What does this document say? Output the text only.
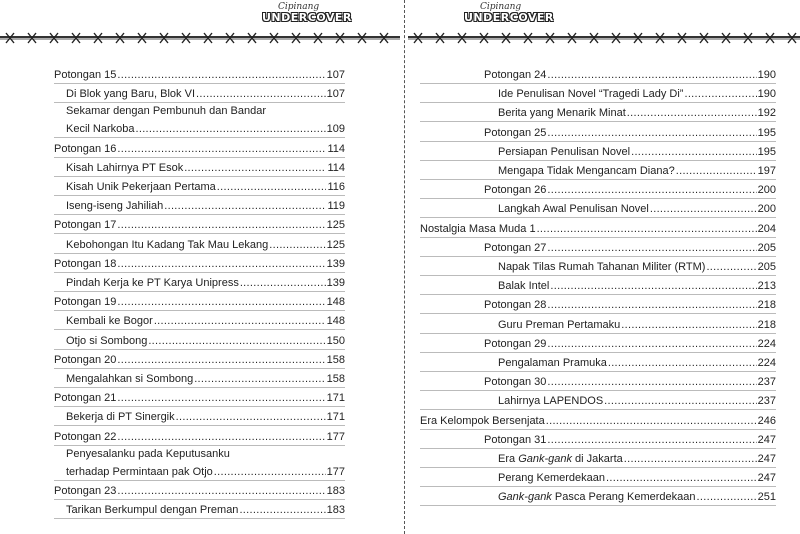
Cipinang
UNDERCOVER
Potongan 15 .....	107
Di Blok yang Baru, Blok VI .....	107
Sekamar dengan Pembunuh dan Bandar
Kecil Narkoba .....	109
Potongan 16 .....	114
Kisah Lahirnya PT Esok .....	114
Kisah Unik Pekerjaan Pertama .....	116
Iseng-iseng Jahiliah .....	119
Potongan 17 .....	125
Kebohongan Itu Kadang Tak Mau Lekang .....	125
Potongan 18 .....	139
Pindah Kerja ke PT Karya Unipress .....	139
Potongan 19 .....	148
Kembali ke Bogor .....	148
Otjo si Sombong .....	150
Potongan 20 .....	158
Mengalahkan si Sombong .....	158
Potongan 21 .....	171
Bekerja di PT Sinergik .....	171
Potongan 22 .....	177
Penyesalanku pada Keputusanku
terhadap Permintaan pak Otjo .....	177
Potongan 23 .....	183
Tarikan Berkumpul dengan Preman .....	183
Cipinang
UNDERCOVER
Potongan 24 .....	190
Ide Penulisan Novel “Tragedi Lady Di” .....	190
Berita yang Menarik Minat .....	192
Potongan 25 .....	195
Persiapan Penulisan Novel .....	195
Mengapa Tidak Mengancam Diana? .....	197
Potongan 26 .....	200
Langkah Awal Penulisan Novel .....	200
Nostalgia Masa Muda 1 .....	204
Potongan 27 .....	205
Napak Tilas Rumah Tahanan Militer (RTM) .....	205
Balak Intel .....	213
Potongan 28 .....	218
Guru Preman Pertamaku .....	218
Potongan 29 .....	224
Pengalaman Pramuka .....	224
Potongan 30 .....	237
Lahirnya LAPENDOS .....	237
Era Kelompok Bersenjata .....	246
Potongan 31 .....	247
Era Gank-gank di Jakarta .....	247
Perang Kemerdekaan .....	247
Gank-gank Pasca Perang Kemerdekaan .....	251
